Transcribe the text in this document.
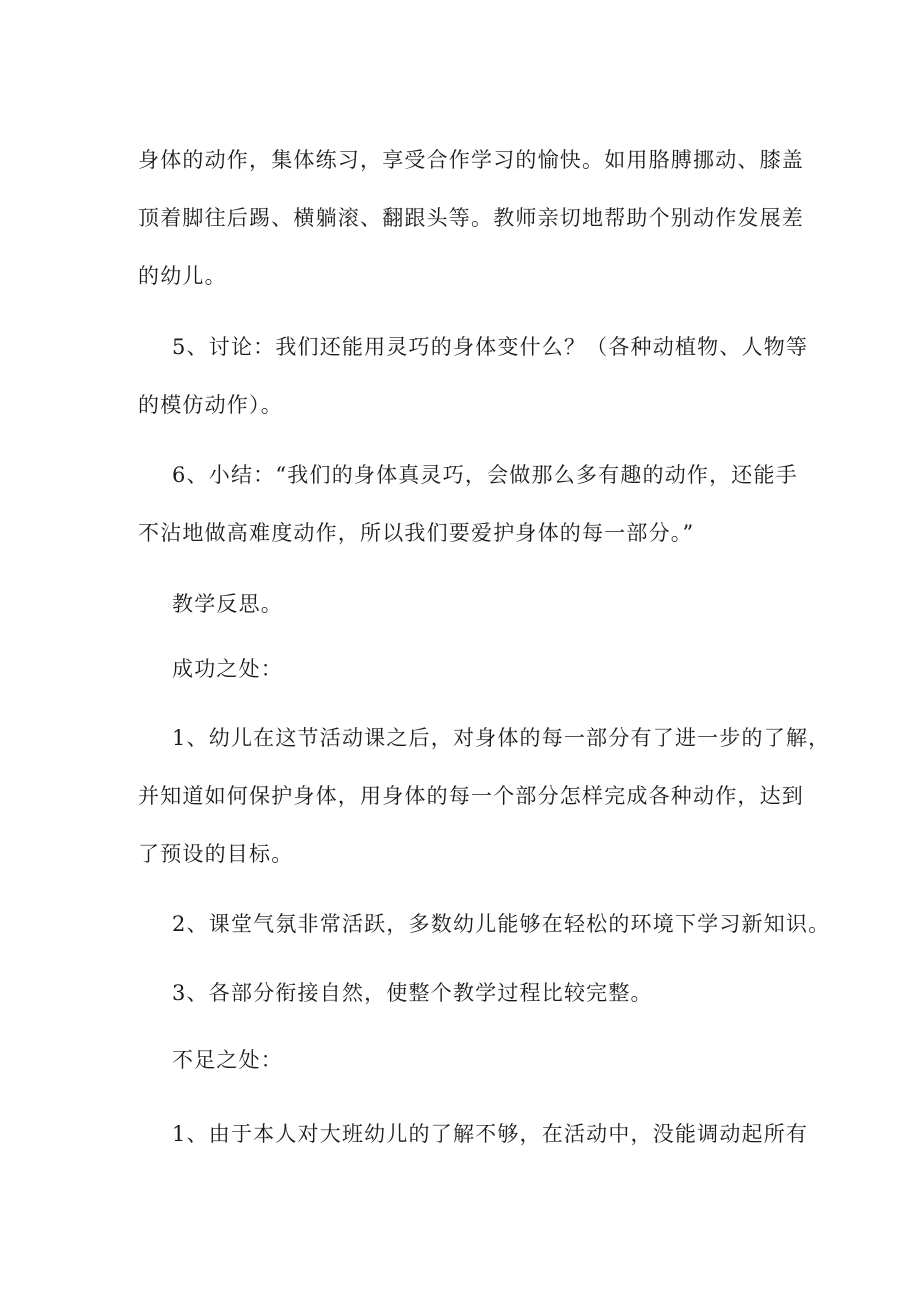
身体的动作，集体练习，享受合作学习的愉快。如用胳膊挪动、膝盖
顶着脚往后踢、横躺滚、翻跟头等。教师亲切地帮助个别动作发展差
的幼儿。

5、讨论：我们还能用灵巧的身体变什么？（各种动植物、人物等
的模仿动作）。

6、小结：“我们的身体真灵巧，会做那么多有趣的动作，还能手
不沾地做高难度动作，所以我们要爱护身体的每一部分。”

教学反思。

成功之处：

1、幼儿在这节活动课之后，对身体的每一部分有了进一步的了解，
并知道如何保护身体，用身体的每一个部分怎样完成各种动作，达到
了预设的目标。

2、课堂气氛非常活跃，多数幼儿能够在轻松的环境下学习新知识。

3、各部分衔接自然，使整个教学过程比较完整。

不足之处：

1、由于本人对大班幼儿的了解不够，在活动中，没能调动起所有
